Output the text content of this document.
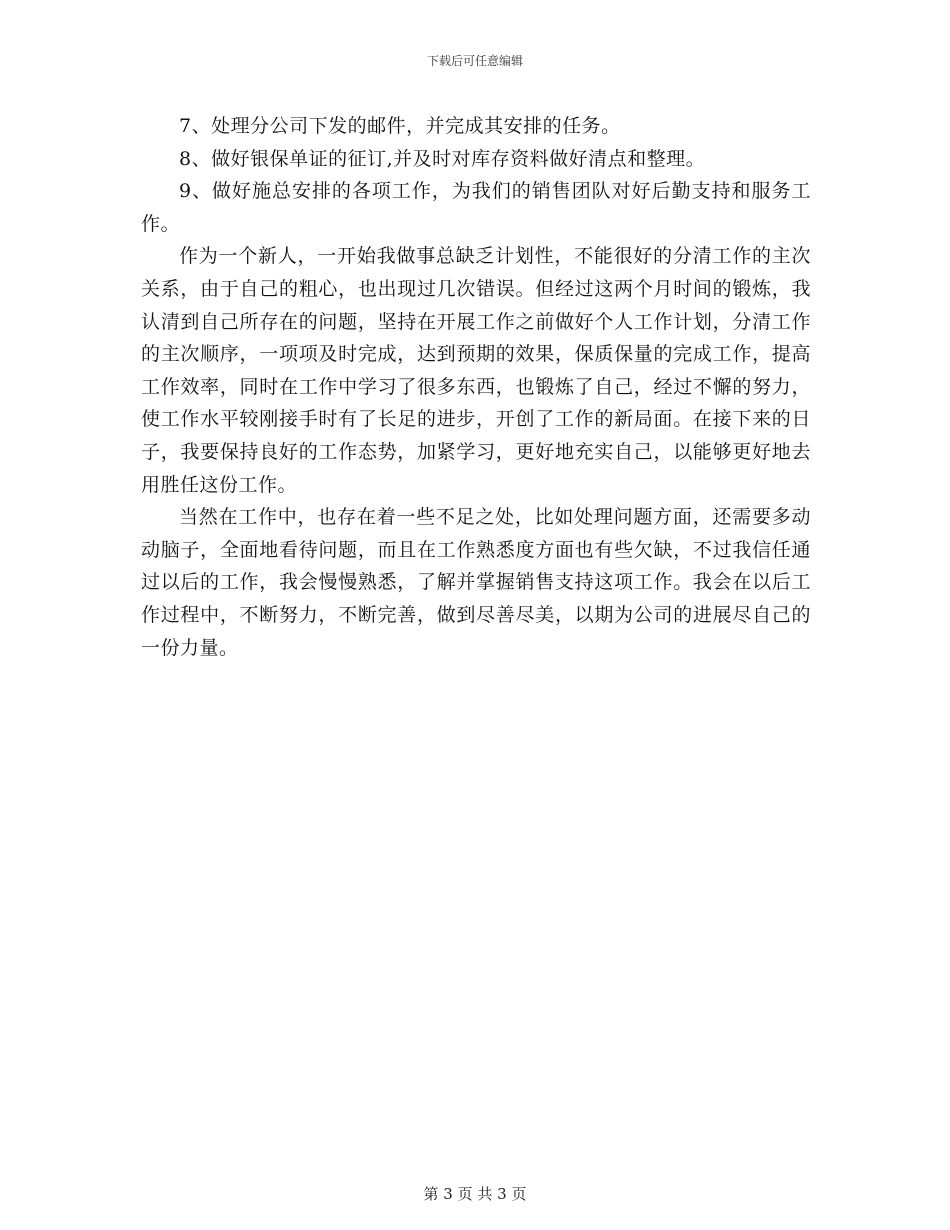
下载后可任意编辑

7、处理分公司下发的邮件，并完成其安排的任务。

8、做好银保单证的征订,并及时对库存资料做好清点和整理。

9、做好施总安排的各项工作，为我们的销售团队对好后勤支持和服务工作。

作为一个新人，一开始我做事总缺乏计划性，不能很好的分清工作的主次关系，由于自己的粗心，也出现过几次错误。但经过这两个月时间的锻炼，我认清到自己所存在的问题，坚持在开展工作之前做好个人工作计划，分清工作的主次顺序，一项项及时完成，达到预期的效果，保质保量的完成工作，提高工作效率，同时在工作中学习了很多东西，也锻炼了自己，经过不懈的努力，使工作水平较刚接手时有了长足的进步，开创了工作的新局面。在接下来的日子，我要保持良好的工作态势，加紧学习，更好地充实自己，以能够更好地去用胜任这份工作。

当然在工作中，也存在着一些不足之处，比如处理问题方面，还需要多动动脑子，全面地看待问题，而且在工作熟悉度方面也有些欠缺，不过我信任通过以后的工作，我会慢慢熟悉，了解并掌握销售支持这项工作。我会在以后工作过程中，不断努力，不断完善，做到尽善尽美，以期为公司的进展尽自己的一份力量。

第 3 页 共 3 页
